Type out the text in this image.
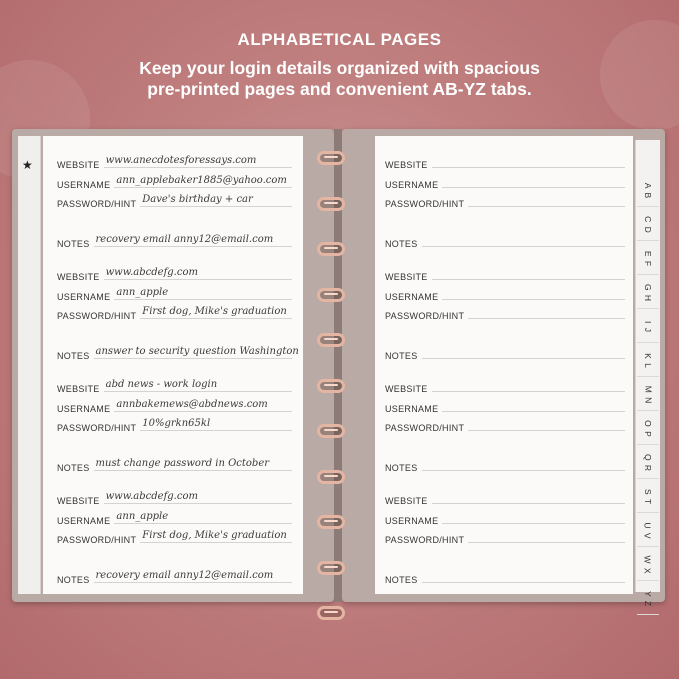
ALPHABETICAL PAGES
Keep your login details organized with spacious
pre-printed pages and convenient AB-YZ tabs.
★	WEBSITE www.anecdotesforessays.com
USERNAME ann_applebaker1885@yahoo.com
PASSWORD/HINT Dave's birthday + car
NOTES recovery email anny12@email.com
WEBSITE www.abcdefg.com
USERNAME ann_apple
PASSWORD/HINT First dog, Mike's graduation
NOTES answer to security question Washington
WEBSITE abd news - work login
USERNAME annbakemews@abdnews.com
PASSWORD/HINT 10%grkn65kl
NOTES must change password in October
WEBSITE www.abcdefg.com
USERNAME ann_apple
PASSWORD/HINT First dog, Mike's graduation
NOTES recovery email anny12@email.com
WEBSITE
USERNAME
PASSWORD/HINT
NOTES
WEBSITE
USERNAME
PASSWORD/HINT
NOTES
WEBSITE
USERNAME
PASSWORD/HINT
NOTES
WEBSITE
USERNAME
PASSWORD/HINT
NOTES
A B
C D
E F
G H
I J
K L
M N
O P
Q R
S T
U V
W X
Y Z
